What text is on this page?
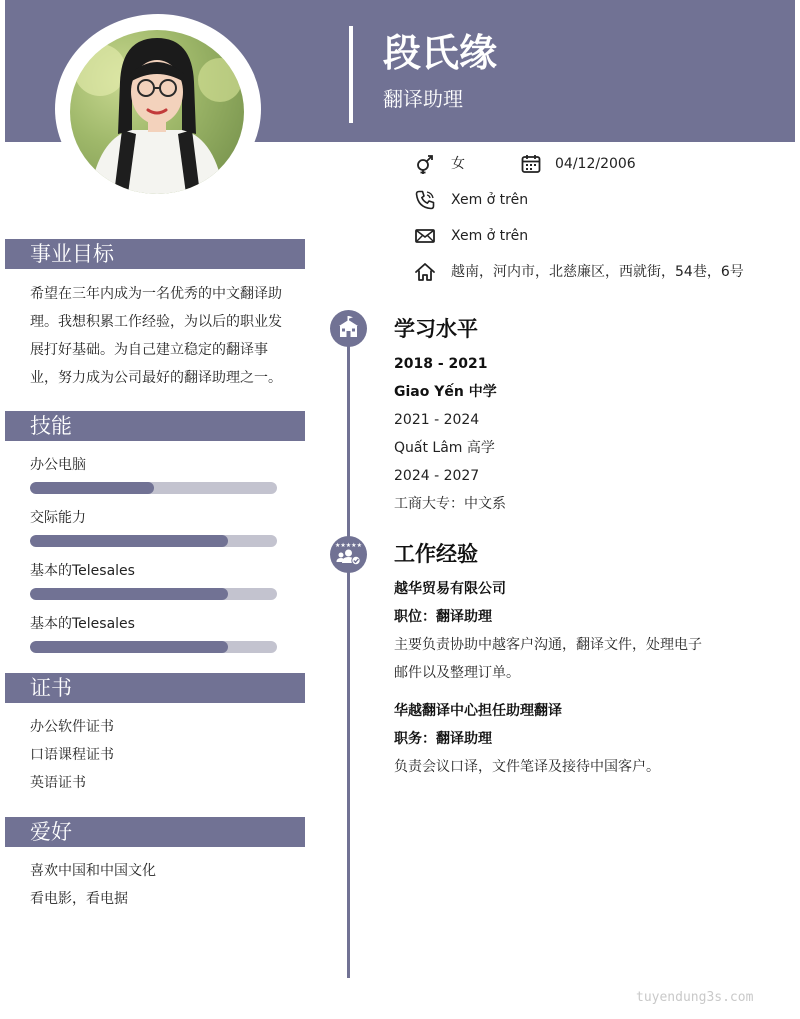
段氏缘
翻译助理
女	04/12/2006
Xem ở trên
Xem ở trên
越南，河内市，北慈廉区，西就街，54巷，6号
事业目标
希望在三年内成为一名优秀的中文翻译助
理。我想积累工作经验，为以后的职业发
展打好基础。为自己建立稳定的翻译事
业，努力成为公司最好的翻译助理之一。
技能
办公电脑
交际能力
基本的Telesales
基本的Telesales
证书
办公软件证书
口语课程证书
英语证书
爱好
喜欢中国和中国文化
看电影，看电据
学习水平
2018 - 2021
Giao Yến 中学
2021 - 2024
Quất Lâm 高学
2024 - 2027
工商大专：中文系
★★★★★ 工作经验
越华贸易有限公司
职位：翻译助理
主要负责协助中越客户沟通，翻译文件，处理电子
邮件以及整理订单。
华越翻译中心担任助理翻译
职务：翻译助理
负责会议口译，文件笔译及接待中国客户。
tuyendung3s.com
